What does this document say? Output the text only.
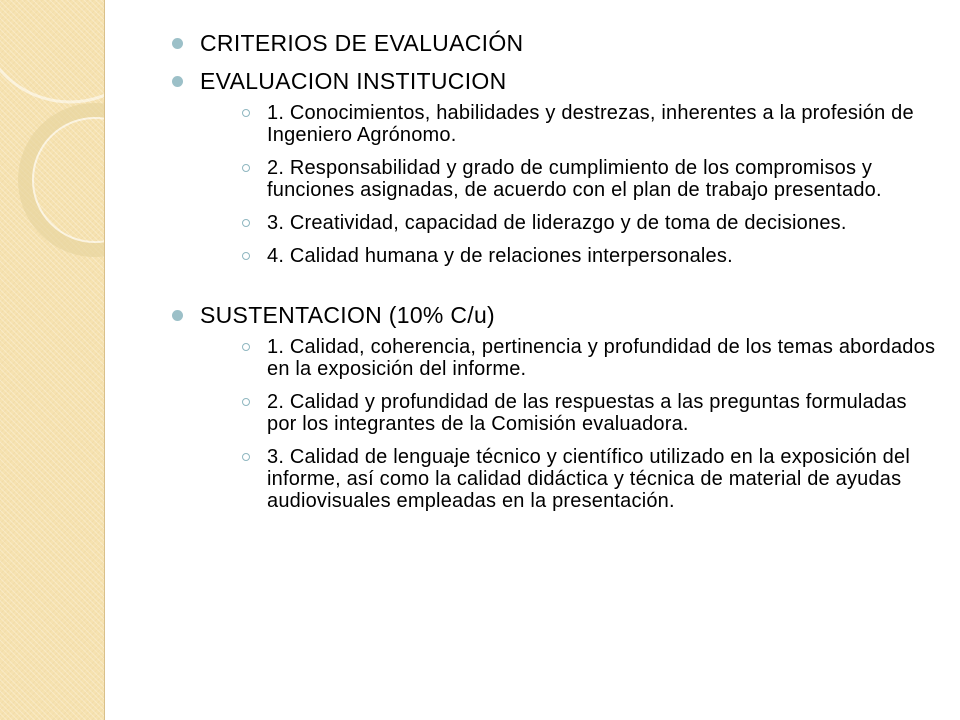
CRITERIOS DE EVALUACIÓN
EVALUACION INSTITUCION
1. Conocimientos, habilidades y destrezas, inherentes a la profesión de Ingeniero Agrónomo.
2. Responsabilidad y grado de cumplimiento de los compromisos y funciones asignadas, de acuerdo con el plan de trabajo presentado.
3. Creatividad, capacidad de liderazgo y de toma de decisiones.
4. Calidad humana y de relaciones interpersonales.
SUSTENTACION (10% C/u)
1. Calidad, coherencia, pertinencia y profundidad de los temas abordados en la exposición del informe.
2. Calidad y profundidad de las respuestas a las preguntas formuladas por los integrantes de la Comisión evaluadora.
3. Calidad de lenguaje técnico y científico utilizado en la exposición del informe, así como la calidad didáctica y técnica de material de ayudas audiovisuales empleadas en la presentación.
